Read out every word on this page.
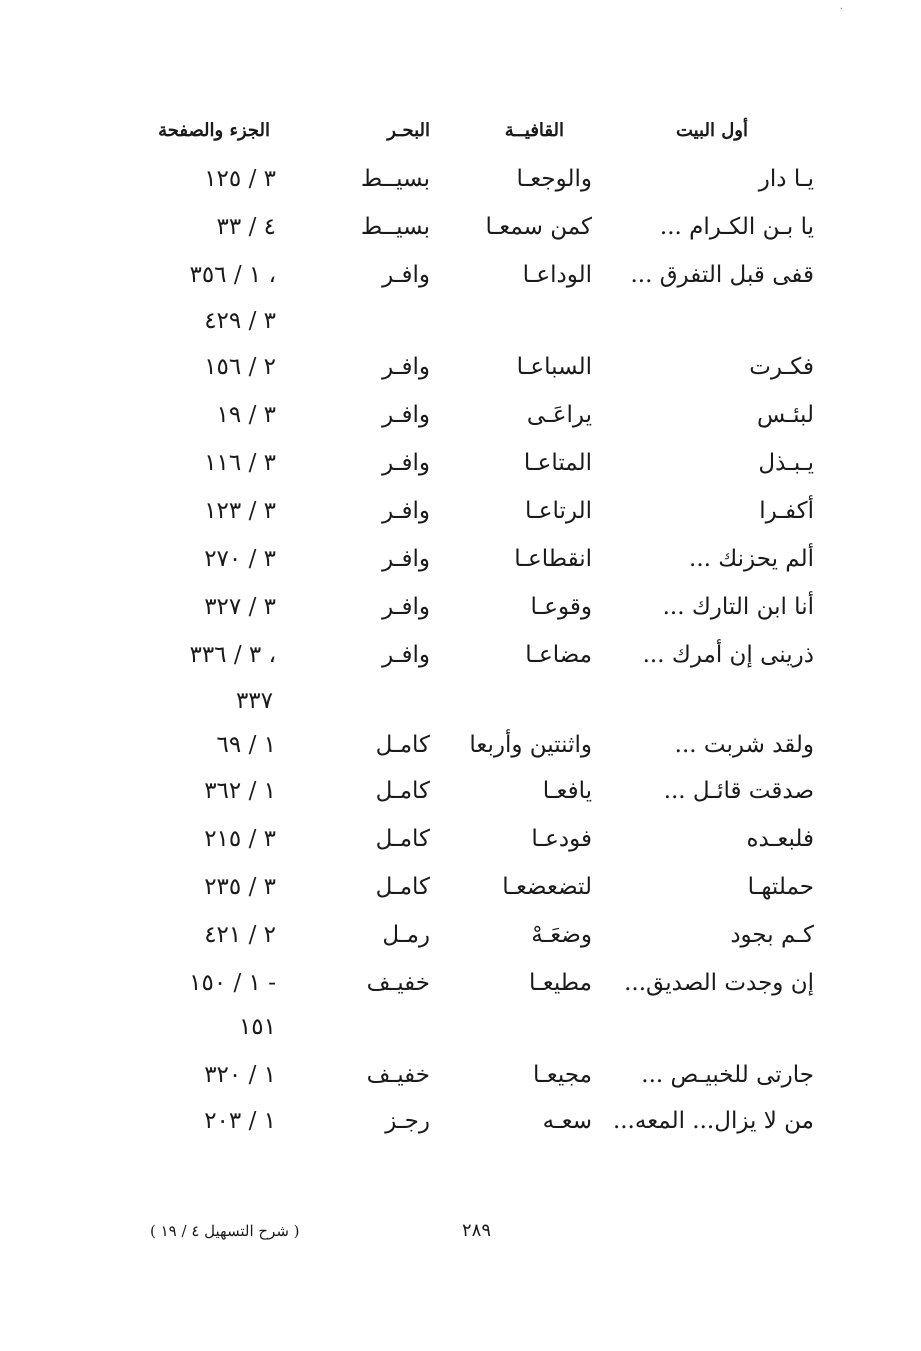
·
أول البيت
القافيــة
البحـر
الجزء والصفحة
يـا دار
والوجعـا
بسيــط
٣ / ١٢٥
يا بـن الكـرام ...
كمن سمعـا
بسيــط
٤ / ٣٣
قفى قبل التفرق ...
الوداعـا
وافـر
١ / ٣٥٦ ،
٣ / ٤٢٩
فكـرت
السباعـا
وافـر
٢ / ١٥٦
لبئـس
يراعَـى
وافـر
٣ / ١٩
يـبـذل
المتاعـا
وافـر
٣ / ١١٦
أكفـرا
الرتاعـا
وافـر
٣ / ١٢٣
ألم يحزنك ...
انقطاعـا
وافـر
٣ / ٢٧٠
أنا ابن التارك ...
وقوعـا
وافـر
٣ / ٣٢٧
ذرينى إن أمرك ...
مضاعـا
وافـر
٣ / ٣٣٦ ،
٣٣٧
ولقد شربت ...
واثنتين وأربعا
كامـل
١ / ٦٩
صدقت قائـل ...
يافعـا
كامـل
١ / ٣٦٢
فلبعـده
فودعـا
كامـل
٣ / ٢١٥
حملتهـا
لتضعضعـا
كامـل
٣ / ٢٣٥
كـم بجود
وضعَـهْ
رمـل
٢ / ٤٢١
إن وجدت الصديق...
مطيعـا
خفيـف
١ / ١٥٠ -
١٥١
جارتى للخبيـص ...
مجيعـا
خفيـف
١ / ٣٢٠
من لا يزال... المعه...
سعـه
رجـز
١ / ٢٠٣
( شرح التسهيل ٤ / ١٩ )	٢٨٩
